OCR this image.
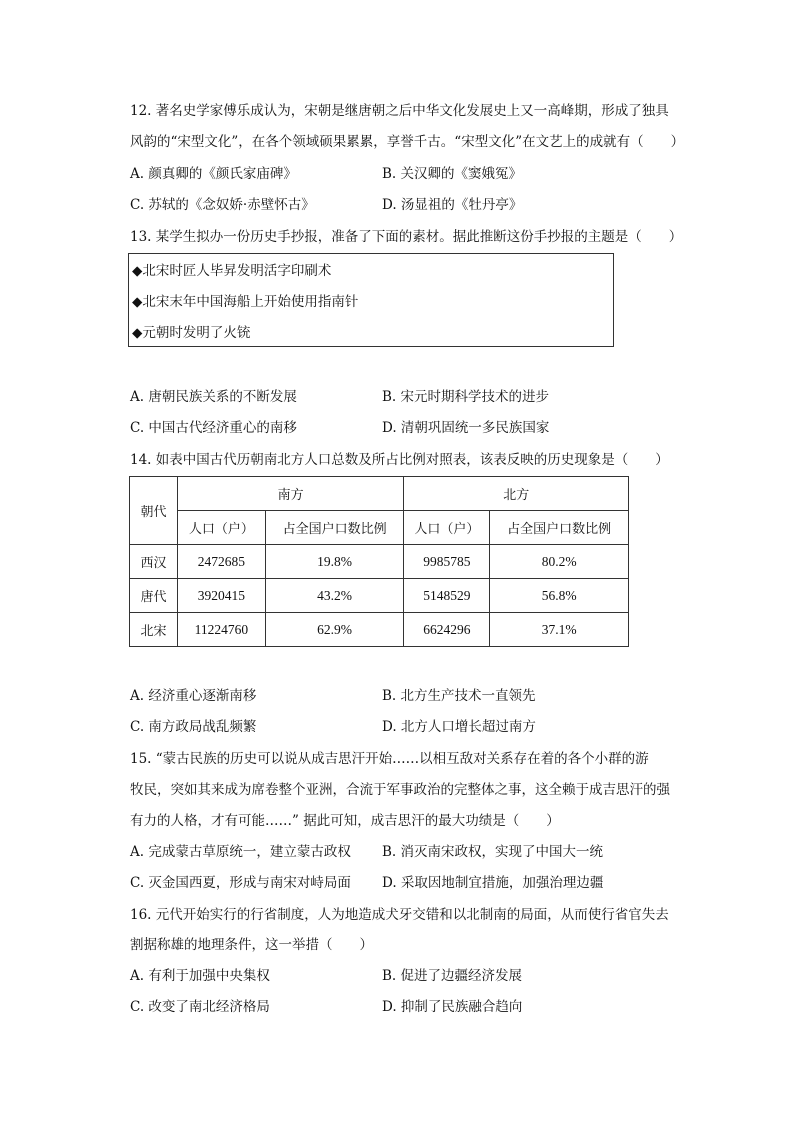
12. 著名史学家傅乐成认为，宋朝是继唐朝之后中华文化发展史上又一高峰期，形成了独具
风韵的“宋型文化”，在各个领域硕果累累，享誉千古。“宋型文化”在文艺上的成就有（　　）
A. 颜真卿的《颜氏家庙碑》	B. 关汉卿的《窦娥冤》
C. 苏轼的《念奴娇·赤壁怀古》	D. 汤显祖的《牡丹亭》
13. 某学生拟办一份历史手抄报，准备了下面的素材。据此推断这份手抄报的主题是（　　）
◆北宋时匠人毕昇发明活字印刷术
◆北宋末年中国海船上开始使用指南针
◆元朝时发明了火铳
A. 唐朝民族关系的不断发展	B. 宋元时期科学技术的进步
C. 中国古代经济重心的南移	D. 清朝巩固统一多民族国家
14. 如表中国古代历朝南北方人口总数及所占比例对照表，该表反映的历史现象是（　　）
朝代	南方		北方	
	人口（户）	占全国户口数比例	人口（户）	占全国户口数比例
西汉	2472685	19.8%	9985785	80.2%
唐代	3920415	43.2%	5148529	56.8%
北宋	11224760	62.9%	6624296	37.1%
A. 经济重心逐渐南移	B. 北方生产技术一直领先
C. 南方政局战乱频繁	D. 北方人口增长超过南方
15. “蒙古民族的历史可以说从成吉思汗开始……以相互敌对关系存在着的各个小群的游
牧民，突如其来成为席卷整个亚洲，合流于军事政治的完整体之事，这全赖于成吉思汗的强
有力的人格，才有可能……” 据此可知，成吉思汗的最大功绩是（　　）
A. 完成蒙古草原统一，建立蒙古政权 B. 消灭南宋政权，实现了中国大一统
C. 灭金国西夏，形成与南宋对峙局面 D. 采取因地制宜措施，加强治理边疆
16. 元代开始实行的行省制度，人为地造成犬牙交错和以北制南的局面，从而使行省官失去
割据称雄的地理条件，这一举措（　　）
A. 有利于加强中央集权	B. 促进了边疆经济发展
C. 改变了南北经济格局	D. 抑制了民族融合趋向
